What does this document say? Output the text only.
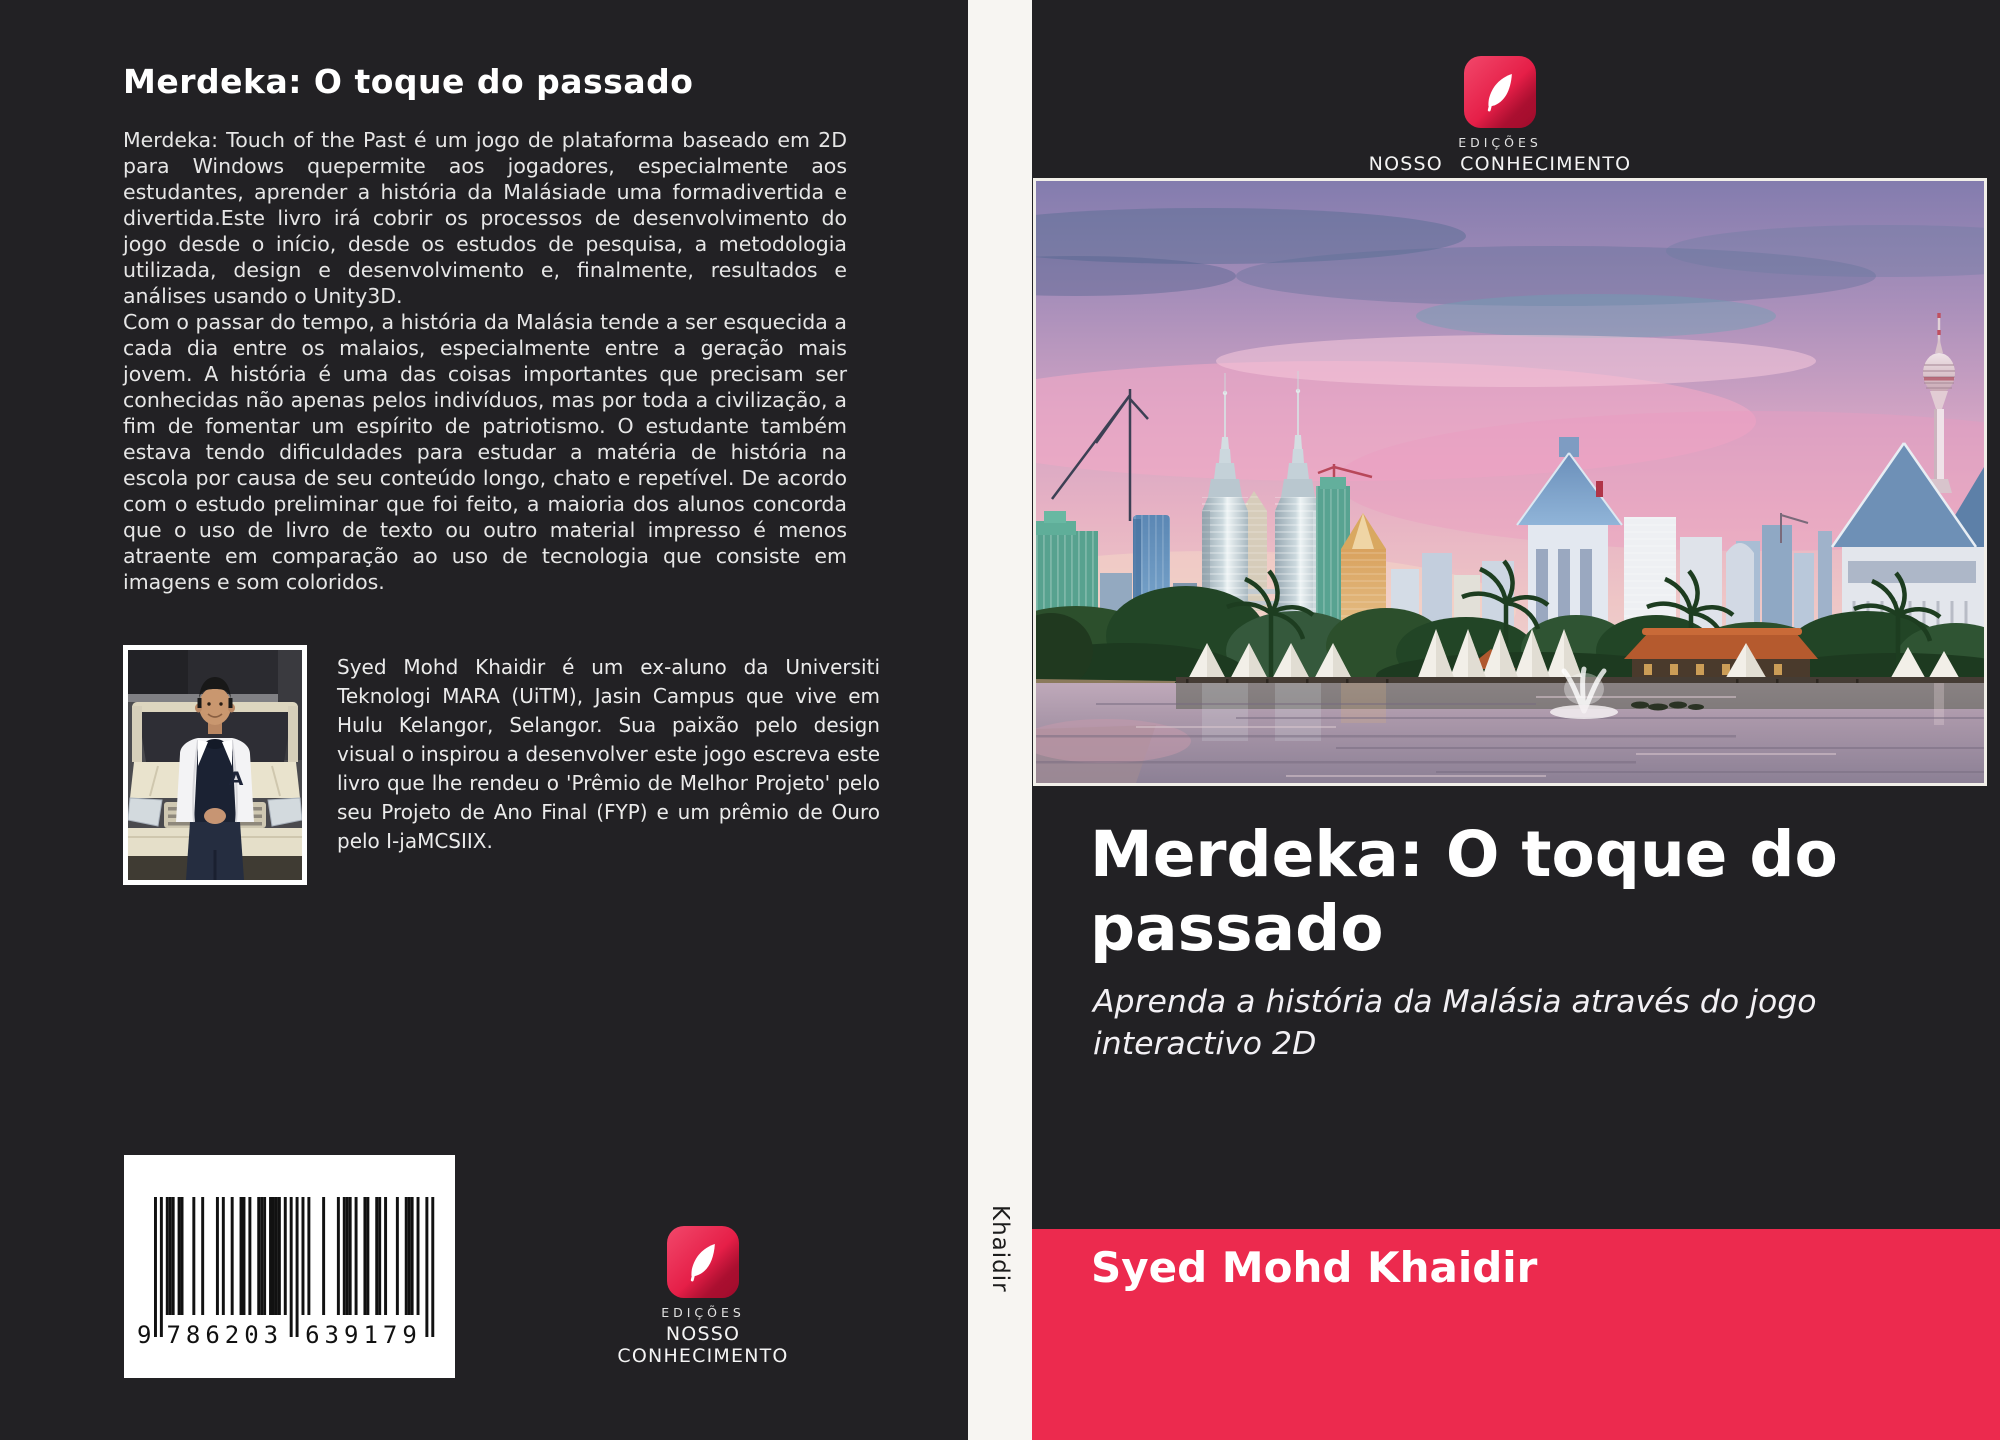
Merdeka: O toque do passado

Merdeka: Touch of the Past é um jogo de plataforma baseado em 2D para Windows quepermite aos jogadores, especialmente aos estudantes, aprender a história da Malásiade uma formadivertida e divertida.Este livro irá cobrir os processos de desenvolvimento do jogo desde o início, desde os estudos de pesquisa, a metodologia utilizada, design e desenvolvimento e, finalmente, resultados e análises usando o Unity3D.

Com o passar do tempo, a história da Malásia tende a ser esquecida a cada dia entre os malaios, especialmente entre a geração mais jovem. A história é uma das coisas importantes que precisam ser conhecidas não apenas pelos indivíduos, mas por toda a civilização, a fim de fomentar um espírito de patriotismo. O estudante também estava tendo dificuldades para estudar a matéria de história na escola por causa de seu conteúdo longo, chato e repetível. De acordo com o estudo preliminar que foi feito, a maioria dos alunos concorda que o uso de livro de texto ou outro material impresso é menos atraente em comparação ao uso de tecnologia que consiste em imagens e som coloridos.

A

Syed Mohd Khaidir é um ex-aluno da Universiti Teknologi MARA (UiTM), Jasin Campus que vive em Hulu Kelangor, Selangor. Sua paixão pelo design visual o inspirou a desenvolver este jogo escreva este livro que lhe rendeu o 'Prêmio de Melhor Projeto' pelo seu Projeto de Ano Final (FYP) e um prêmio de Ouro pelo I-jaMCSIIX.

9 786203 639179
EDIÇÕES
NOSSO CONHECIMENTO
Khaidir
EDIÇÕES
NOSSO CONHECIMENTO
Merdeka: O toque do passado

Aprenda a história da Malásia através do jogo interactivo 2D

Syed Mohd Khaidir
